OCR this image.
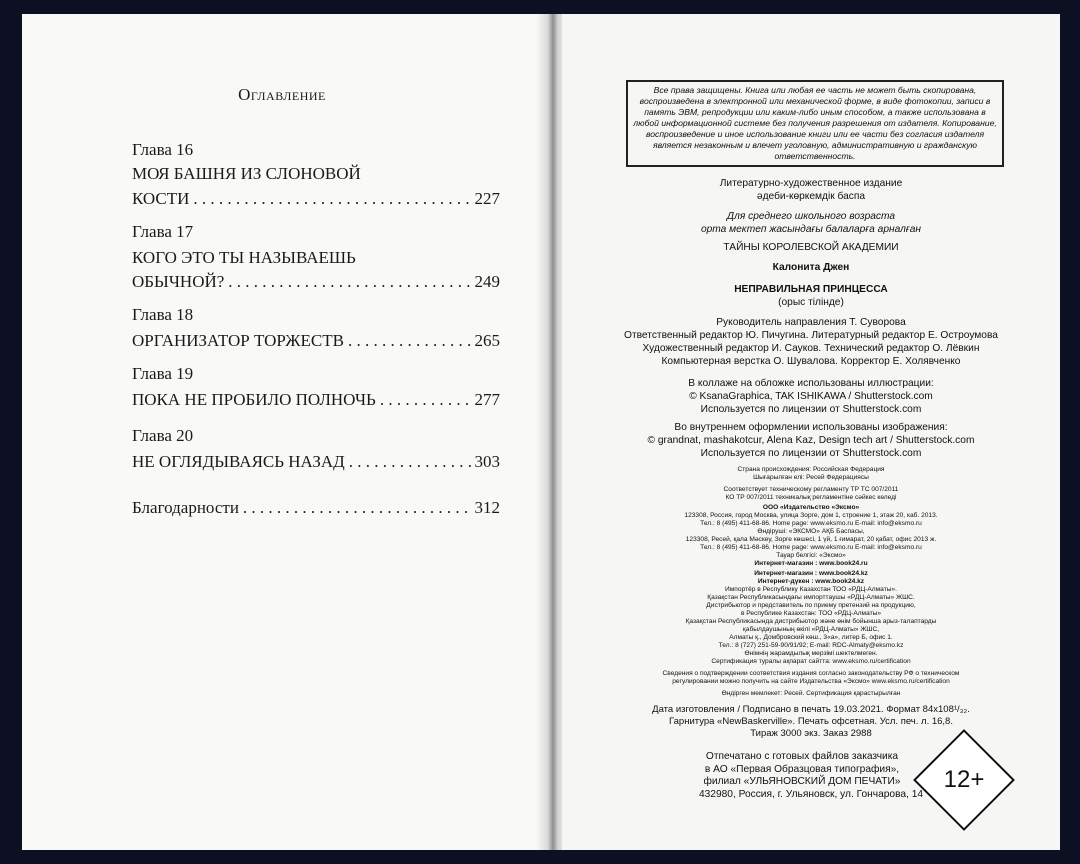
Оглавление
Глава 16
МОЯ БАШНЯ ИЗ СЛОНОВОЙ
КОСТИ . . .	227
Глава 17
КОГО ЭТО ТЫ НАЗЫВАЕШЬ
ОБЫЧНОЙ? . . .	249
Глава 18
ОРГАНИЗАТОР ТОРЖЕСТВ . . .	265
Глава 19
ПОКА НЕ ПРОБИЛО ПОЛНОЧЬ . . .	277
Глава 20
НЕ ОГЛЯДЫВАЯСЬ НАЗАД . . .	303
Благодарности . . .	312
Все права защищены. Книга или любая ее часть не может быть скопирована, воспроизведена в электронной или механической форме, в виде фотокопии, записи в память ЭВМ, репродукции или каким-либо иным способом, а также использована в любой информационной системе без получения разрешения от издателя. Копирование, воспроизведение и иное использование книги или ее части без согласия издателя является незаконным и влечет уголовную, административную и гражданскую ответственность.
Литературно-художественное издание
әдеби-көркемдік баспа
Для среднего школьного возраста
орта мектеп жасындағы балаларға арналған
ТАЙНЫ КОРОЛЕВСКОЙ АКАДЕМИИ
Калонита Джен
НЕПРАВИЛЬНАЯ ПРИНЦЕССА
(орыс тілінде)
Руководитель направления Т. Суворова
Ответственный редактор Ю. Пичугина. Литературный редактор Е. Остроумова
Художественный редактор И. Сауков. Технический редактор О. Лёвкин
Компьютерная верстка О. Шувалова. Корректор Е. Холявченко
В коллаже на обложке использованы иллюстрации:
© KsanaGraphica, TAK ISHIKAWA / Shutterstock.com
Используется по лицензии от Shutterstock.com
Во внутреннем оформлении использованы изображения:
© grandnat, mashakotcur, Alena Kaz, Design tech art / Shutterstock.com
Используется по лицензии от Shutterstock.com
Страна происхождения: Российская Федерация
Шығарылған елі: Ресей Федерациясы
Соответствует техническому регламенту ТР ТС 007/2011
КО ТР 007/2011 техникалық регламентіне сәйкес келеді
ООО «Издательство «Эксмо»
123308, Россия, город Москва, улица Зорге, дом 1, строение 1, этаж 20, каб. 2013.
Тел.: 8 (495) 411-68-86. Home page: www.eksmo.ru E-mail: info@eksmo.ru
Өндіруші: «ЭКСМО» АҚБ Баспасы,
123308, Ресей, қала Мәскеу, Зорге көшесі, 1 үй, 1 ғимарат, 20 қабат, офис 2013 ж.
Тел.: 8 (495) 411-68-86. Home page: www.eksmo.ru E-mail: info@eksmo.ru
Тауар белгісі: «Эксмо»
Интернет-магазин : www.book24.ru
Интернет-магазин : www.book24.kz
Интернет-дүкен : www.book24.kz
Импортёр в Республику Казахстан ТОО «РДЦ-Алматы».
Қазақстан Республикасындағы импорттаушы «РДЦ-Алматы» ЖШС.
Дистрибьютор и представитель по приему претензий на продукцию,
в Республике Казахстан: ТОО «РДЦ-Алматы»
Қазақстан Республикасында дистрибьютор және өнім бойынша арыз-талаптарды
қабылдаушының өкілі «РДЦ-Алматы» ЖШС,
Алматы қ., Домбровский көш., 3«а», литер Б, офис 1.
Тел.: 8 (727) 251-59-90/91/92; E-mail: RDC-Almaty@eksmo.kz
Өнімнің жарамдылық мерзімі шектелмеген.
Сертификация туралы ақпарат сайтта: www.eksmo.ru/certification
Сведения о подтверждении соответствия издания согласно законодательству РФ о техническом
регулировании можно получить на сайте Издательства «Эксмо» www.eksmo.ru/certification
Өндірген мемлекет: Ресей. Сертификация қарастырылған
Дата изготовления / Подписано в печать 19.03.2021. Формат 84x108¹/₃₂.
Гарнитура «NewBaskerville». Печать офсетная. Усл. печ. л. 16,8.
Тираж 3000 экз. Заказ 2988
Отпечатано с готовых файлов заказчика
в АО «Первая Образцовая типография»,
филиал «УЛЬЯНОВСКИЙ ДОМ ПЕЧАТИ»
432980, Россия, г. Ульяновск, ул. Гончарова, 14
12+
